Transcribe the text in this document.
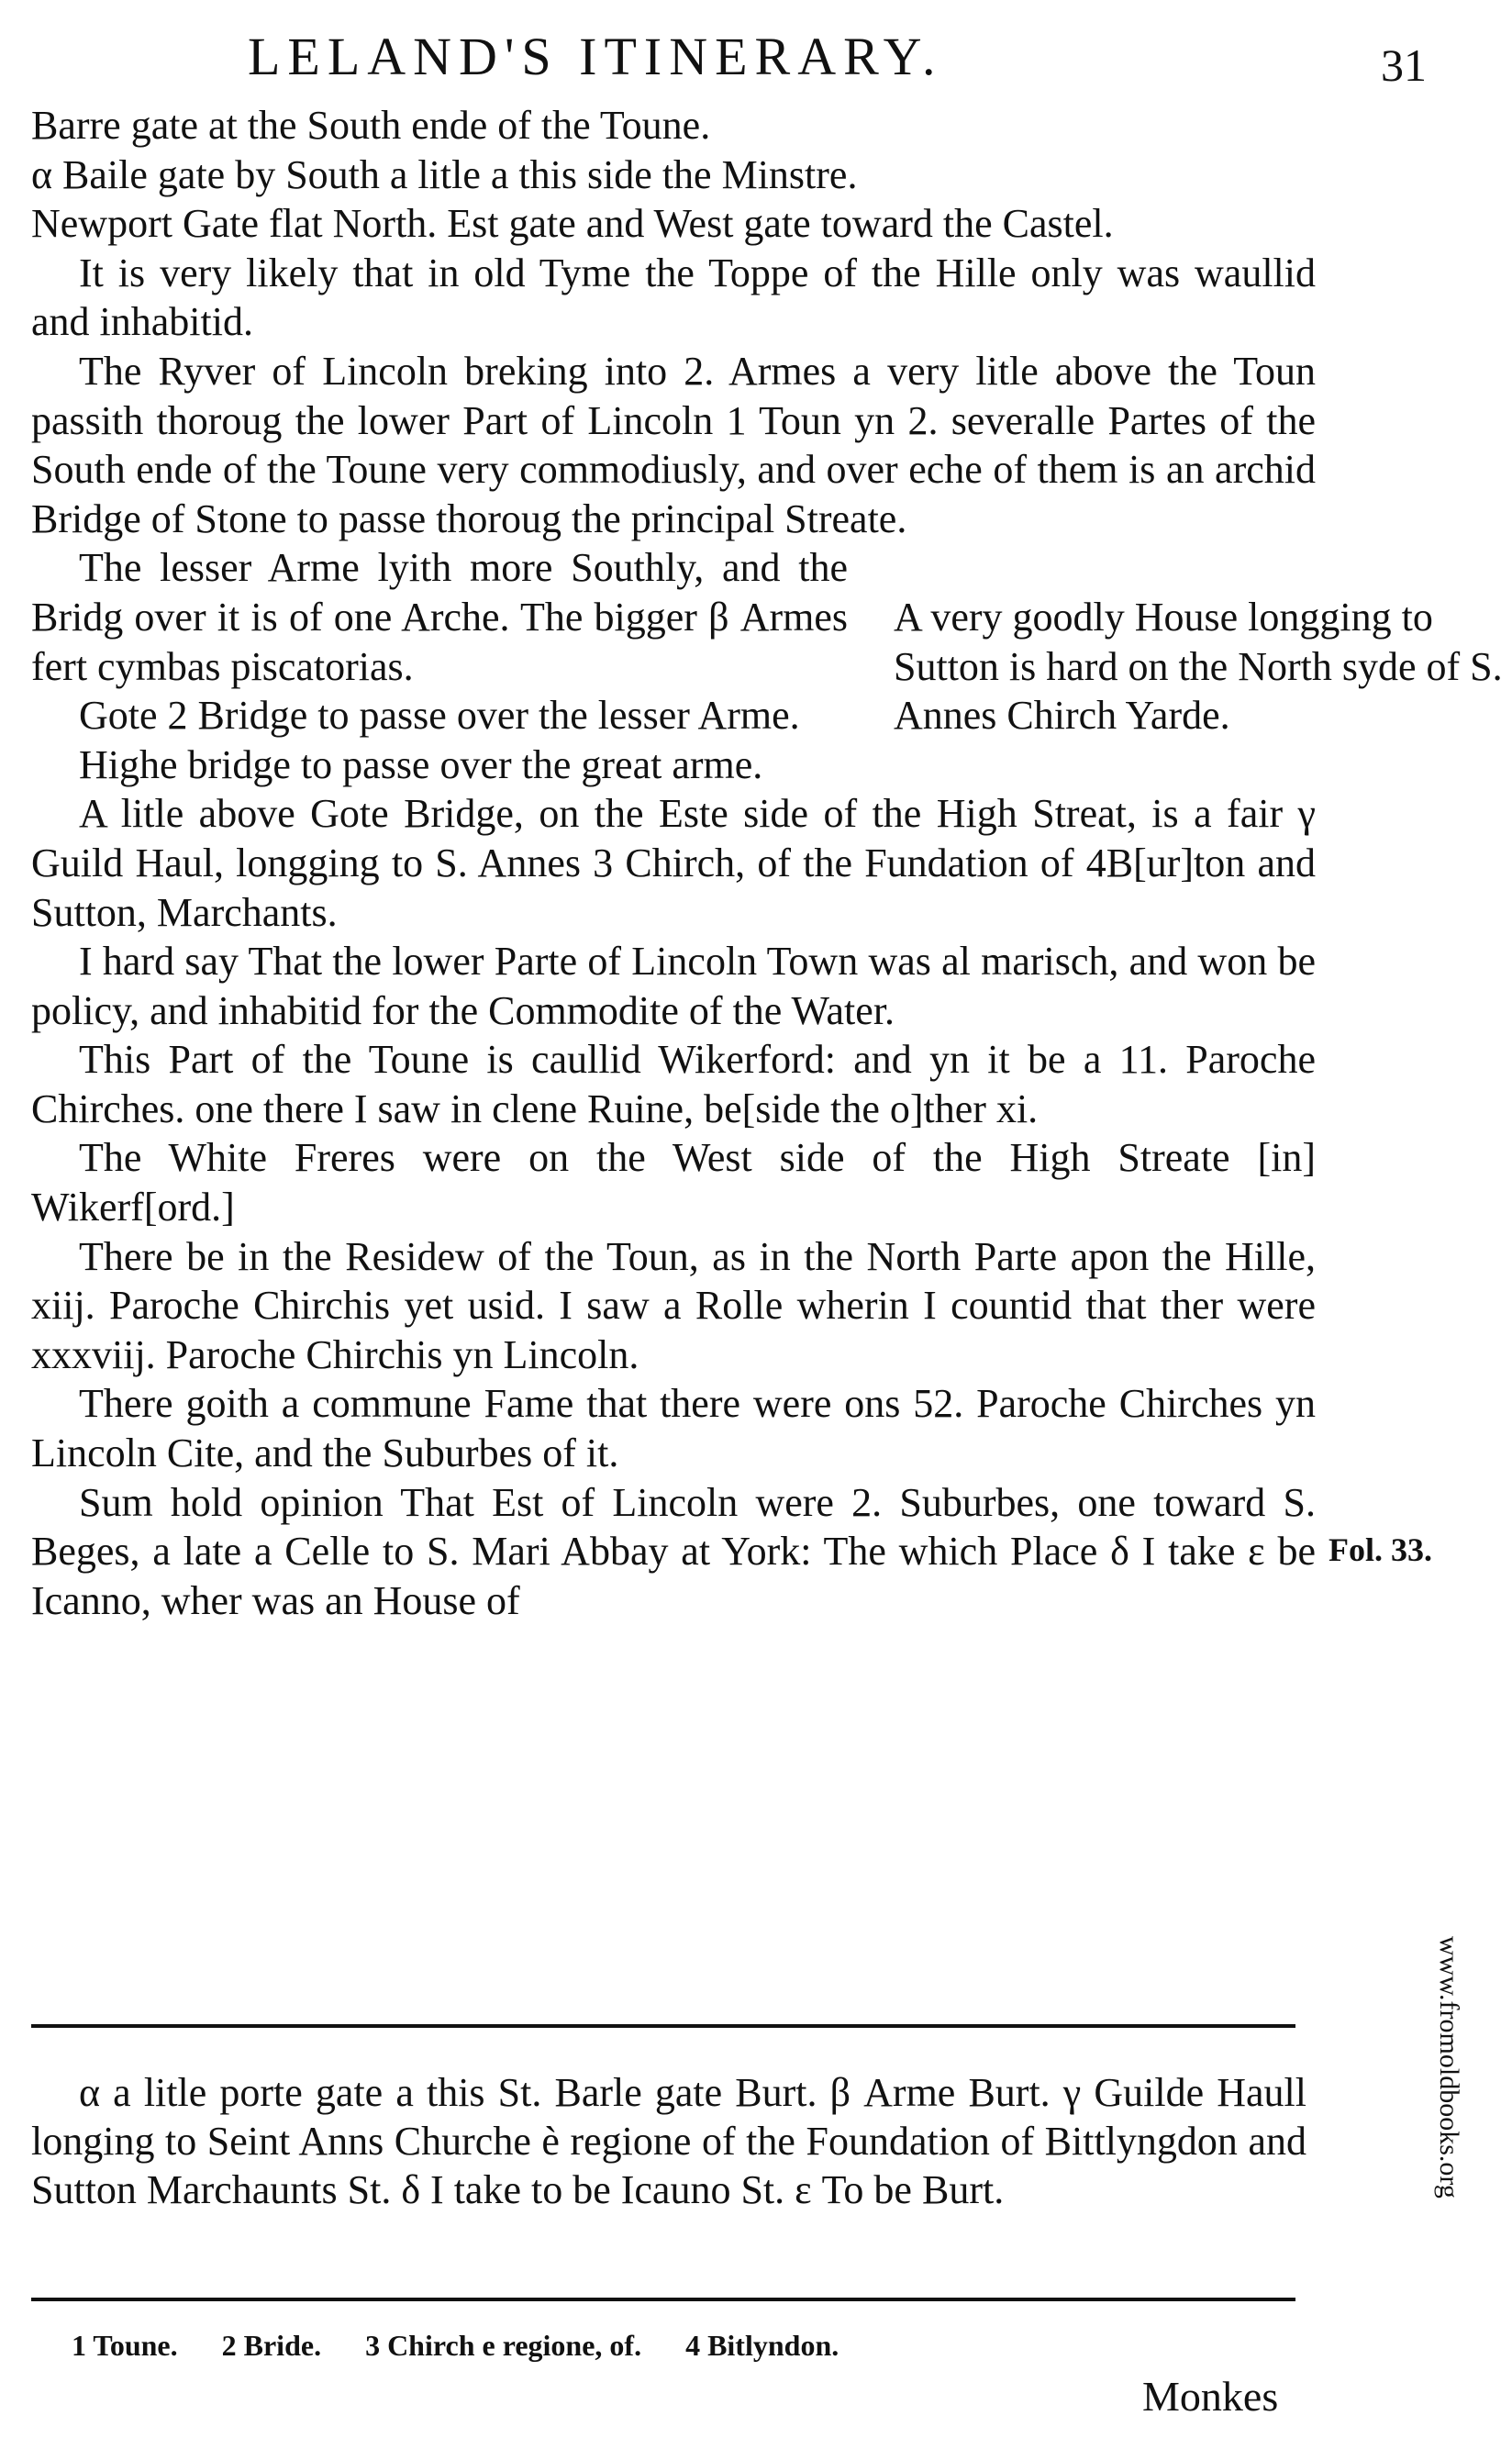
LELAND'S ITINERARY.	31

Barre gate at the South ende of the Toune.

α Baile gate by South a litle a this side the Minstre.

Newport Gate flat North. Est gate and West gate toward the Castel.

It is very likely that in old Tyme the Toppe of the Hille only was waullid and inhabitid.

The Ryver of Lincoln breking into 2. Armes a very litle above the Toun passith thoroug the lower Part of Lincoln 1 Toun yn 2. severalle Partes of the South ende of the Toune very commodiusly, and over eche of them is an archid Bridge of Stone to passe thoroug the principal Streate.

The lesser Arme lyith more Southly, and the Bridg over it is of one Arche. The bigger β Armes fert cymbas piscatorias.

Gote 2 Bridge to passe over the lesser Arme.

A very goodly House longging to Sutton is hard on the North syde of S. Annes Chirch Yarde.

Highe bridge to passe over the great arme.

A litle above Gote Bridge, on the Este side of the High Streat, is a fair γ Guild Haul, longging to S. Annes 3 Chirch, of the Fundation of 4B[ur]ton and Sutton, Marchants.

I hard say That the lower Parte of Lincoln Town was al marisch, and won be policy, and inhabitid for the Commodite of the Water.

This Part of the Toune is caullid Wikerford: and yn it be a 11. Paroche Chirches. one there I saw in clene Ruine, be[side the o]ther xi.

The White Freres were on the West side of the High Streate [in] Wikerf[ord.]

There be in the Residew of the Toun, as in the North Parte apon the Hille, xiij. Paroche Chirchis yet usid. I saw a Rolle wherin I countid that ther were xxxviij. Paroche Chirchis yn Lincoln.

There goith a commune Fame that there were ons 52. Paroche Chirches yn Lincoln Cite, and the Suburbes of it.

Sum hold opinion That Est of Lincoln were 2. Suburbes, one toward S. Beges, a late a Celle to S. Mari Abbay at York: The which Place δ I take ε be Icanno, wher was an House of

Fol. 33.

α a litle porte gate a this St. Barle gate Burt. β Arme Burt. γ Guilde Haull longing to Seint Anns Churche è regione of the Foundation of Bittlyngdon and Sutton Marchaunts St. δ I take to be Icauno St. ε To be Burt.

1 Toune. 2 Bride. 3 Chirch e regione, of. 4 Bitlyndon.
Monkes
www.fromoldbooks.org
